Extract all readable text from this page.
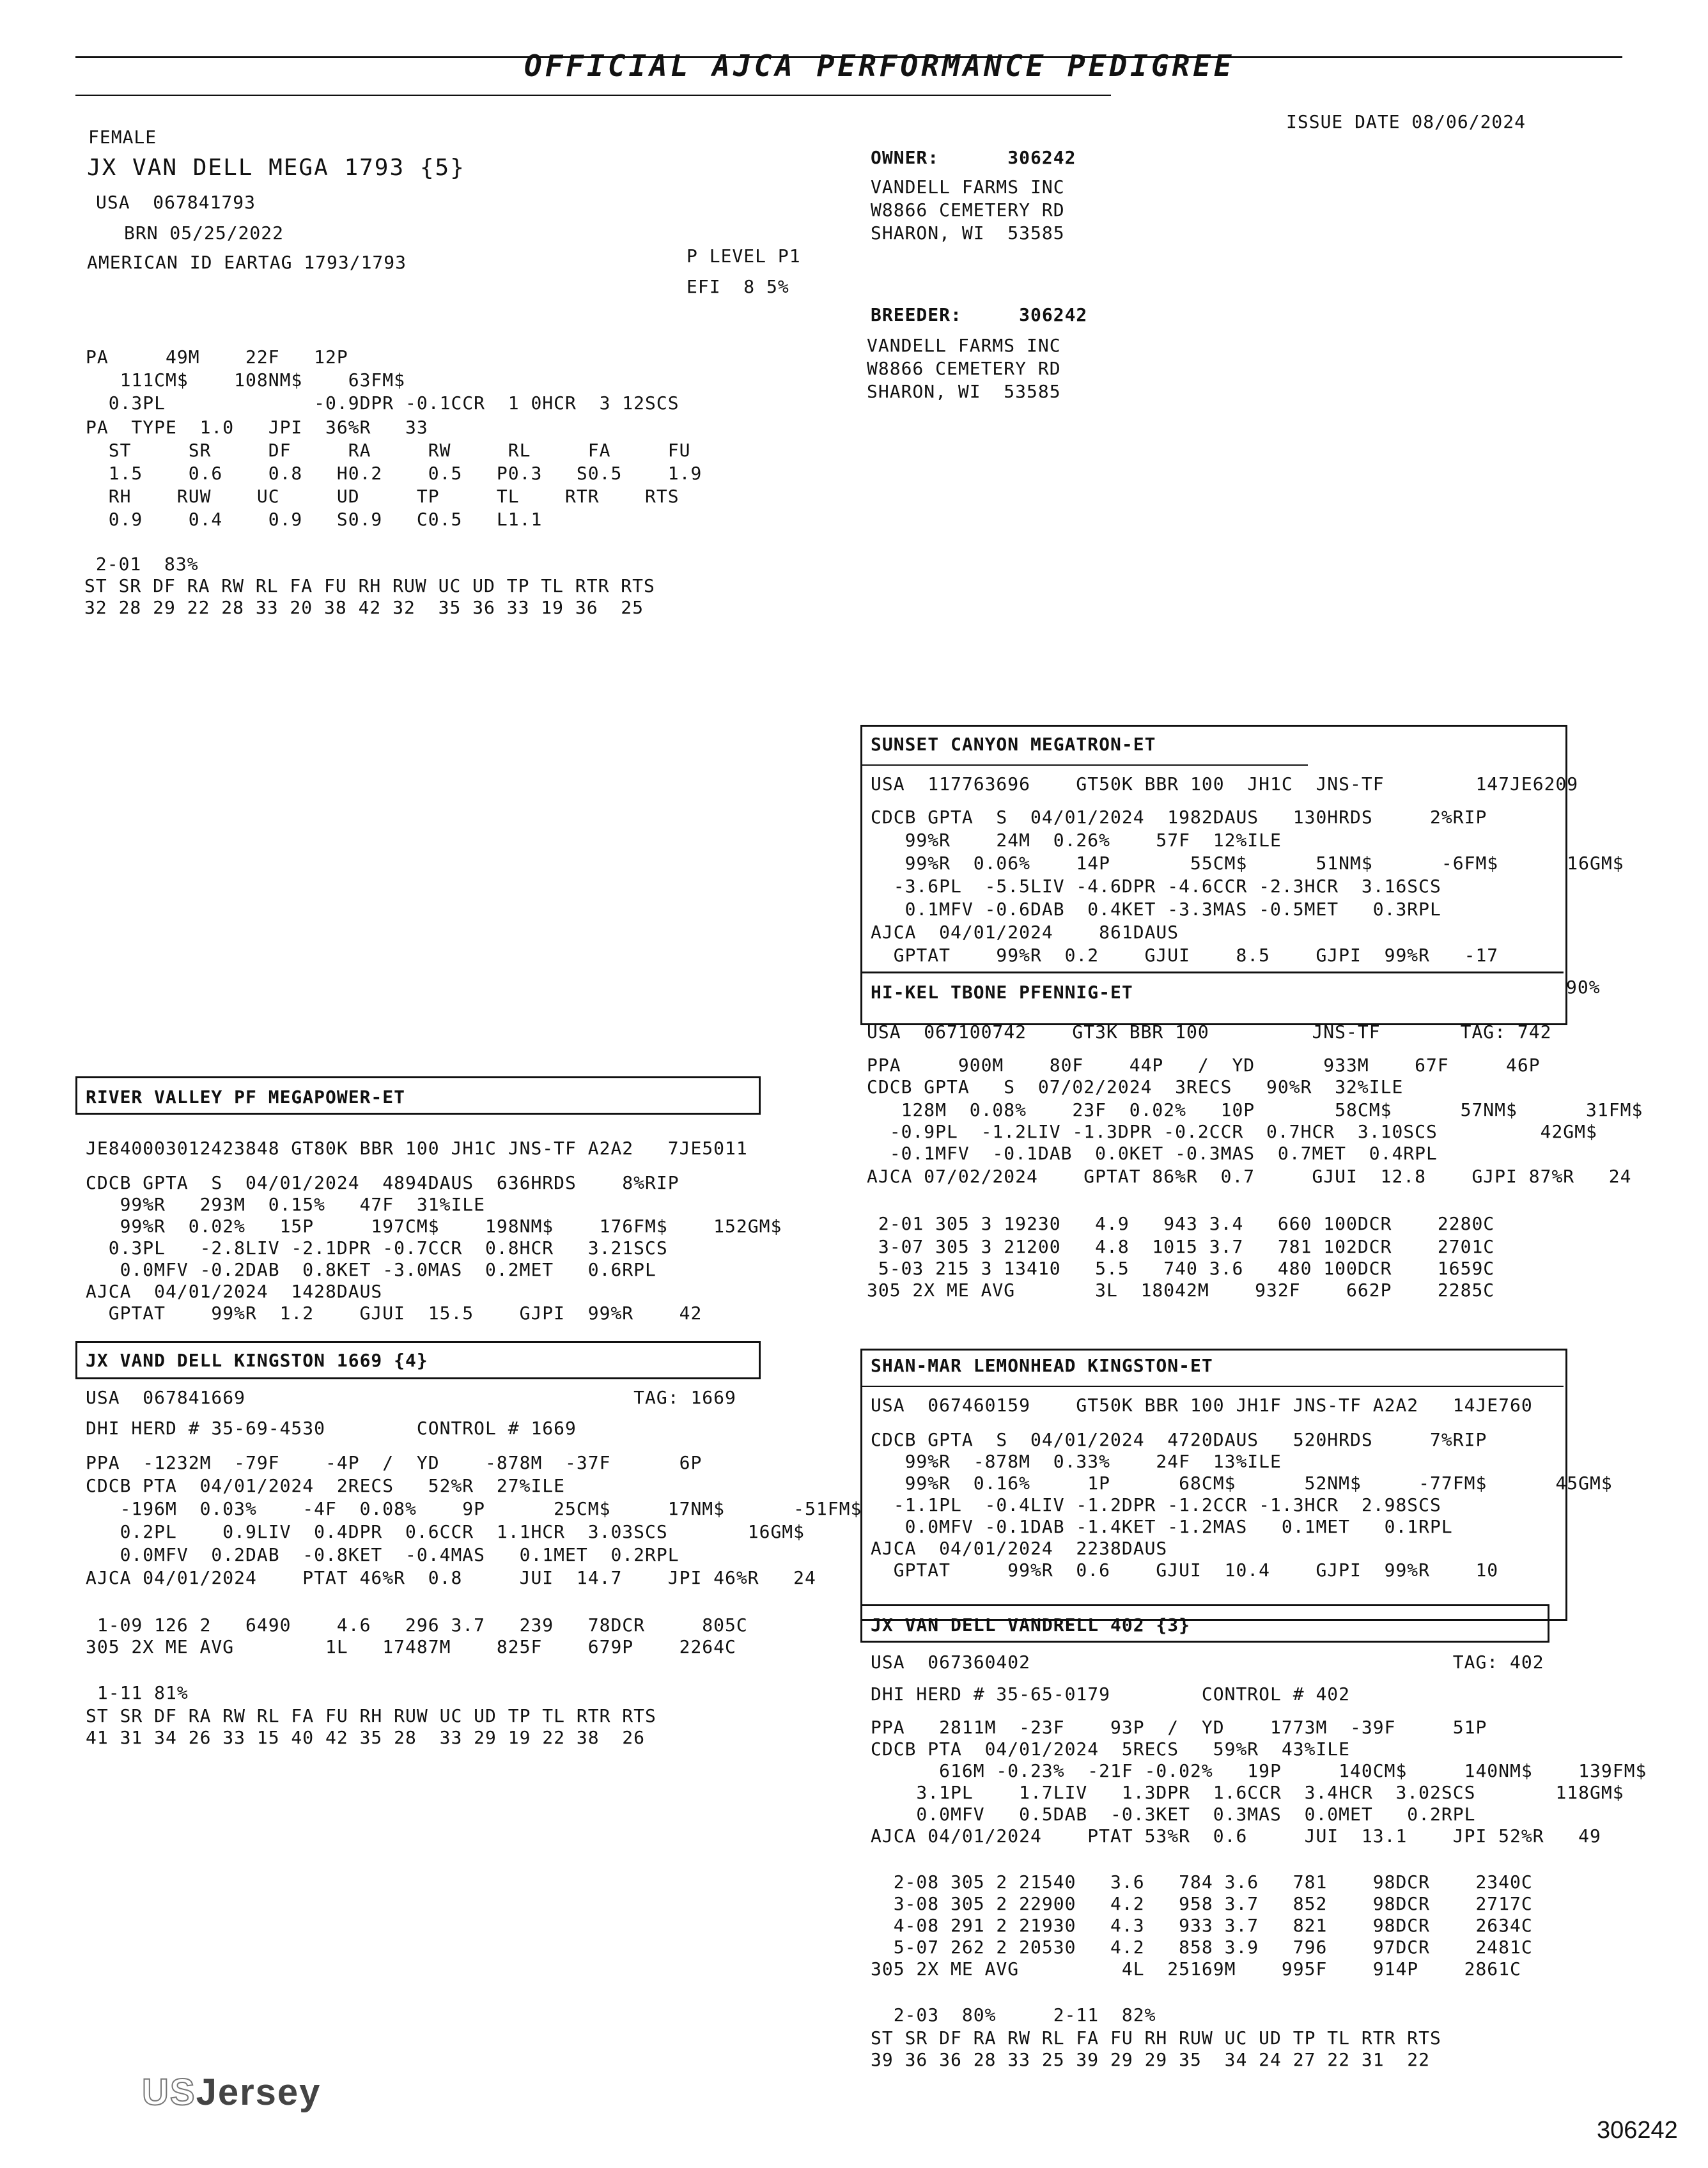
OFFICIAL AJCA PERFORMANCE PEDIGREE
ISSUE DATE 08/06/2024
FEMALE
JX VAN DELL MEGA 1793 {5}
USA  067841793
BRN 05/25/2022
AMERICAN ID EARTAG 1793/1793	P LEVEL P1
EFI  8 5%
PA     49M    22F   12P
111CM$    108NM$    63FM$
0.3PL             -0.9DPR -0.1CCR  1 0HCR  3 12SCS
PA  TYPE  1.0   JPI  36%R   33
ST     SR     DF     RA     RW     RL     FA     FU
1.5    0.6    0.8   H0.2    0.5   P0.3   S0.5    1.9
RH    RUW    UC     UD     TP     TL    RTR    RTS
0.9    0.4    0.9   S0.9   C0.5   L1.1
2-01  83%
ST SR DF RA RW RL FA FU RH RUW UC UD TP TL RTR RTS
32 28 29 22 28 33 20 38 42 32  35 36 33 19 36  25
OWNER:      306242
VANDELL FARMS INC
W8866 CEMETERY RD
SHARON, WI  53585
BREEDER:     306242
VANDELL FARMS INC
W8866 CEMETERY RD
SHARON, WI  53585
SUNSET CANYON MEGATRON-ET
USA  117763696    GT50K BBR 100  JH1C  JNS-TF        147JE6209
CDCB GPTA  S  04/01/2024  1982DAUS   130HRDS     2%RIP
99%R    24M  0.26%    57F  12%ILE
99%R  0.06%    14P       55CM$      51NM$      -6FM$      16GM$
-3.6PL  -5.5LIV -4.6DPR -4.6CCR -2.3HCR  3.16SCS
0.1MFV -0.6DAB  0.4KET -3.3MAS -0.5MET   0.3RPL
AJCA  04/01/2024    861DAUS
GPTAT    99%R  0.2    GJUI    8.5    GJPI  99%R   -17
HI-KEL TBONE PFENNIG-ET	90%
USA  067100742    GT3K BBR 100         JNS-TF       TAG: 742
PPA     900M    80F    44P   /  YD      933M    67F     46P
CDCB GPTA   S  07/02/2024  3RECS   90%R  32%ILE
128M  0.08%    23F  0.02%   10P       58CM$      57NM$      31FM$
-0.9PL  -1.2LIV -1.3DPR -0.2CCR  0.7HCR  3.10SCS         42GM$
-0.1MFV  -0.1DAB  0.0KET -0.3MAS  0.7MET  0.4RPL
AJCA 07/02/2024    GPTAT 86%R  0.7     GJUI  12.8    GJPI 87%R   24
2-01 305 3 19230   4.9   943 3.4   660 100DCR    2280C
3-07 305 3 21200   4.8  1015 3.7   781 102DCR    2701C
5-03 215 3 13410   5.5   740 3.6   480 100DCR    1659C
305 2X ME AVG       3L  18042M    932F    662P    2285C
RIVER VALLEY PF MEGAPOWER-ET
JE840003012423848 GT80K BBR 100 JH1C JNS-TF A2A2   7JE5011
CDCB GPTA  S  04/01/2024  4894DAUS  636HRDS    8%RIP
99%R   293M  0.15%   47F  31%ILE
99%R  0.02%   15P     197CM$    198NM$    176FM$    152GM$
0.3PL   -2.8LIV -2.1DPR -0.7CCR  0.8HCR   3.21SCS
0.0MFV -0.2DAB  0.8KET -3.0MAS  0.2MET   0.6RPL
AJCA  04/01/2024  1428DAUS
GPTAT    99%R  1.2    GJUI  15.5    GJPI  99%R    42
JX VAND DELL KINGSTON 1669 {4}
USA  067841669                                  TAG: 1669
DHI HERD # 35-69-4530        CONTROL # 1669
PPA  -1232M  -79F    -4P  /  YD    -878M  -37F      6P
CDCB PTA  04/01/2024  2RECS   52%R  27%ILE
-196M  0.03%    -4F  0.08%    9P      25CM$     17NM$      -51FM$
0.2PL    0.9LIV  0.4DPR  0.6CCR  1.1HCR  3.03SCS       16GM$
0.0MFV  0.2DAB  -0.8KET  -0.4MAS   0.1MET  0.2RPL
AJCA 04/01/2024    PTAT 46%R  0.8     JUI  14.7    JPI 46%R   24
1-09 126 2   6490    4.6   296 3.7   239   78DCR     805C
305 2X ME AVG        1L   17487M    825F    679P    2264C
1-11 81%
ST SR DF RA RW RL FA FU RH RUW UC UD TP TL RTR RTS
41 31 34 26 33 15 40 42 35 28  33 29 19 22 38  26
SHAN-MAR LEMONHEAD KINGSTON-ET
USA  067460159    GT50K BBR 100 JH1F JNS-TF A2A2   14JE760
CDCB GPTA  S  04/01/2024  4720DAUS   520HRDS     7%RIP
99%R  -878M  0.33%    24F  13%ILE
99%R  0.16%     1P      68CM$      52NM$     -77FM$      45GM$
-1.1PL  -0.4LIV -1.2DPR -1.2CCR -1.3HCR  2.98SCS
0.0MFV -0.1DAB -1.4KET -1.2MAS   0.1MET   0.1RPL
AJCA  04/01/2024  2238DAUS
GPTAT     99%R  0.6    GJUI  10.4    GJPI  99%R    10
JX VAN DELL VANDRELL 402 {3}
USA  067360402                                     TAG: 402
DHI HERD # 35-65-0179        CONTROL # 402
PPA   2811M  -23F    93P  /  YD    1773M  -39F     51P
CDCB PTA  04/01/2024  5RECS   59%R  43%ILE
616M -0.23%  -21F -0.02%   19P     140CM$     140NM$    139FM$
3.1PL    1.7LIV   1.3DPR  1.6CCR  3.4HCR  3.02SCS       118GM$
0.0MFV   0.5DAB  -0.3KET  0.3MAS  0.0MET   0.2RPL
AJCA 04/01/2024    PTAT 53%R  0.6     JUI  13.1    JPI 52%R   49
2-08 305 2 21540   3.6   784 3.6   781    98DCR    2340C
3-08 305 2 22900   4.2   958 3.7   852    98DCR    2717C
4-08 291 2 21930   4.3   933 3.7   821    98DCR    2634C
5-07 262 2 20530   4.2   858 3.9   796    97DCR    2481C
305 2X ME AVG         4L  25169M    995F    914P    2861C
2-03  80%     2-11  82%
ST SR DF RA RW RL FA FU RH RUW UC UD TP TL RTR RTS
39 36 36 28 33 25 39 29 29 35  34 24 27 22 31  22
USJersey
306242
